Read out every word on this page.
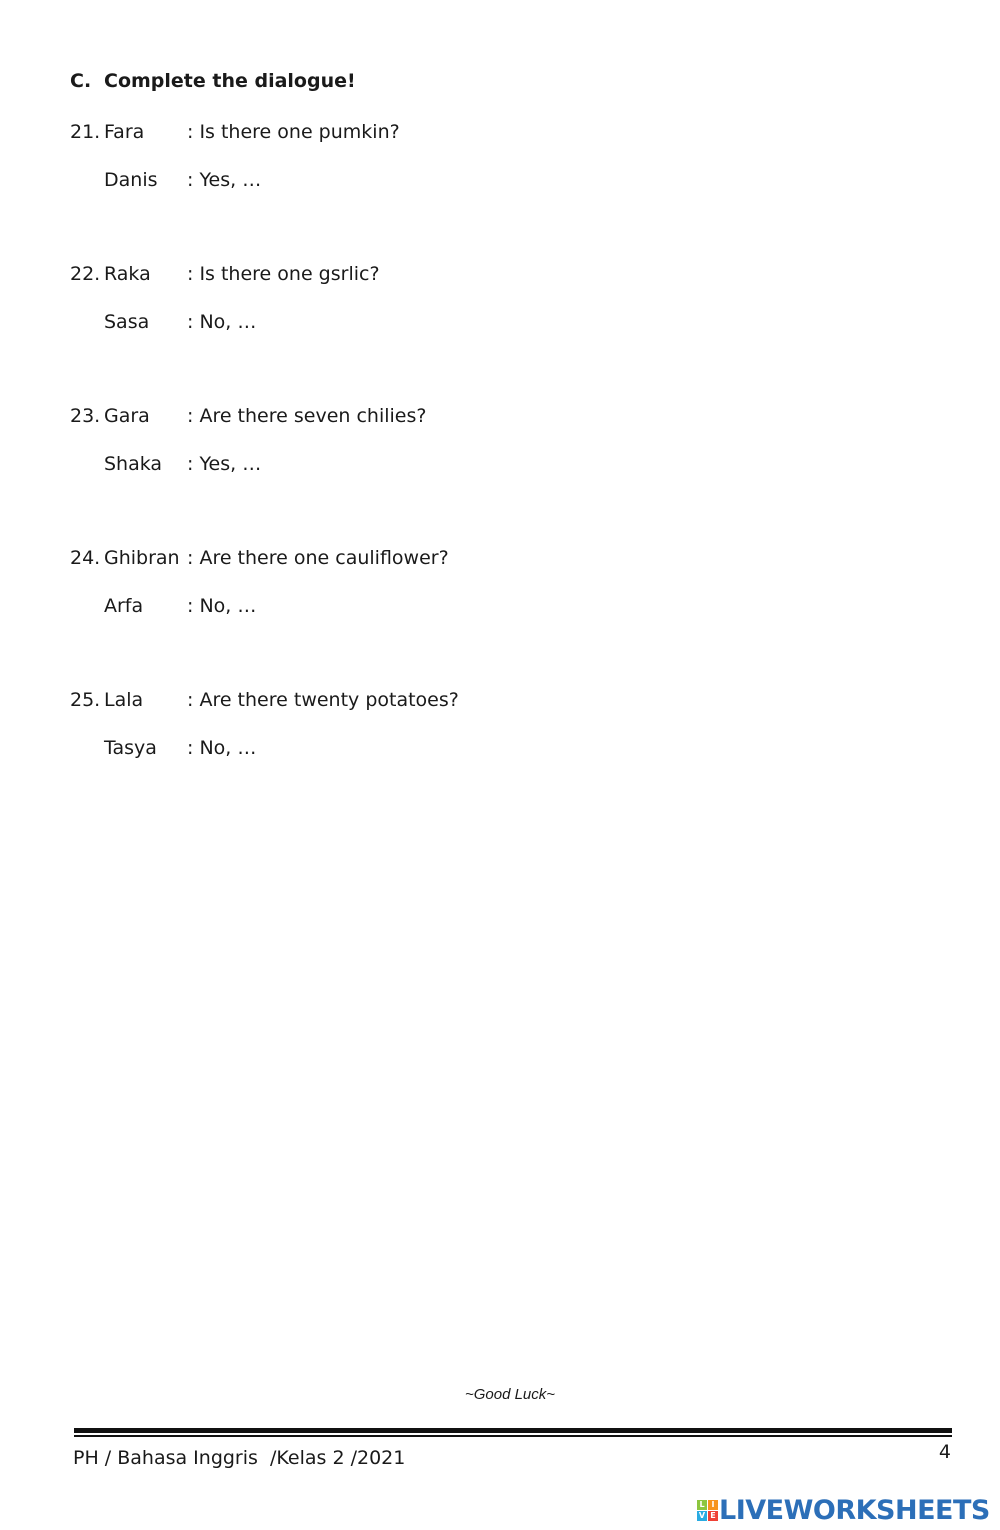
C. Complete the dialogue!
21. Fara	: Is there one pumkin?
Danis	: Yes, …
22. Raka	: Is there one gsrlic?
Sasa	: No, …
23. Gara	: Are there seven chilies?
Shaka	: Yes, …
24. Ghibran : Are there one cauliflower?
Arfa	: No, …
25. Lala	: Are there twenty potatoes?
Tasya	: No, …
~Good Luck~
PH / Bahasa Inggris  /Kelas 2 /2021	4
L I
V E LIVEWORKSHEETS
